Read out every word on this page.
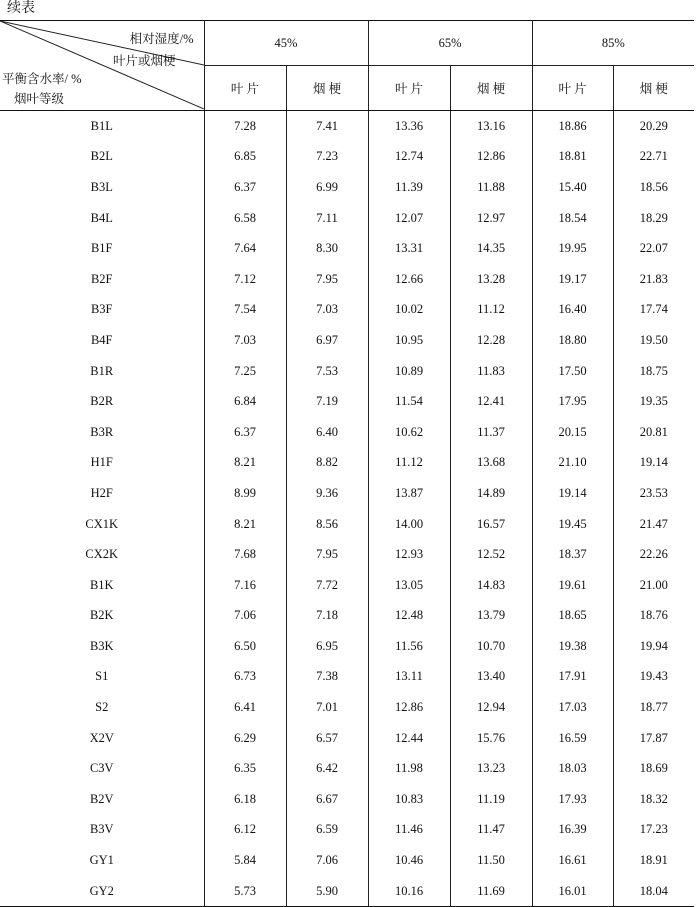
续表
相对湿度/%
叶片或烟梗
平衡含水率/ %
烟叶等级	45%		65%		85%	
	叶 片	烟 梗	叶 片	烟 梗	叶 片	烟 梗
B1L	7.28	7.41	13.36	13.16	18.86	20.29
B2L	6.85	7.23	12.74	12.86	18.81	22.71
B3L	6.37	6.99	11.39	11.88	15.40	18.56
B4L	6.58	7.11	12.07	12.97	18.54	18.29
B1F	7.64	8.30	13.31	14.35	19.95	22.07
B2F	7.12	7.95	12.66	13.28	19.17	21.83
B3F	7.54	7.03	10.02	11.12	16.40	17.74
B4F	7.03	6.97	10.95	12.28	18.80	19.50
B1R	7.25	7.53	10.89	11.83	17.50	18.75
B2R	6.84	7.19	11.54	12.41	17.95	19.35
B3R	6.37	6.40	10.62	11.37	20.15	20.81
H1F	8.21	8.82	11.12	13.68	21.10	19.14
H2F	8.99	9.36	13.87	14.89	19.14	23.53
CX1K	8.21	8.56	14.00	16.57	19.45	21.47
CX2K	7.68	7.95	12.93	12.52	18.37	22.26
B1K	7.16	7.72	13.05	14.83	19.61	21.00
B2K	7.06	7.18	12.48	13.79	18.65	18.76
B3K	6.50	6.95	11.56	10.70	19.38	19.94
S1	6.73	7.38	13.11	13.40	17.91	19.43
S2	6.41	7.01	12.86	12.94	17.03	18.77
X2V	6.29	6.57	12.44	15.76	16.59	17.87
C3V	6.35	6.42	11.98	13.23	18.03	18.69
B2V	6.18	6.67	10.83	11.19	17.93	18.32
B3V	6.12	6.59	11.46	11.47	16.39	17.23
GY1	5.84	7.06	10.46	11.50	16.61	18.91
GY2	5.73	5.90	10.16	11.69	16.01	18.04
